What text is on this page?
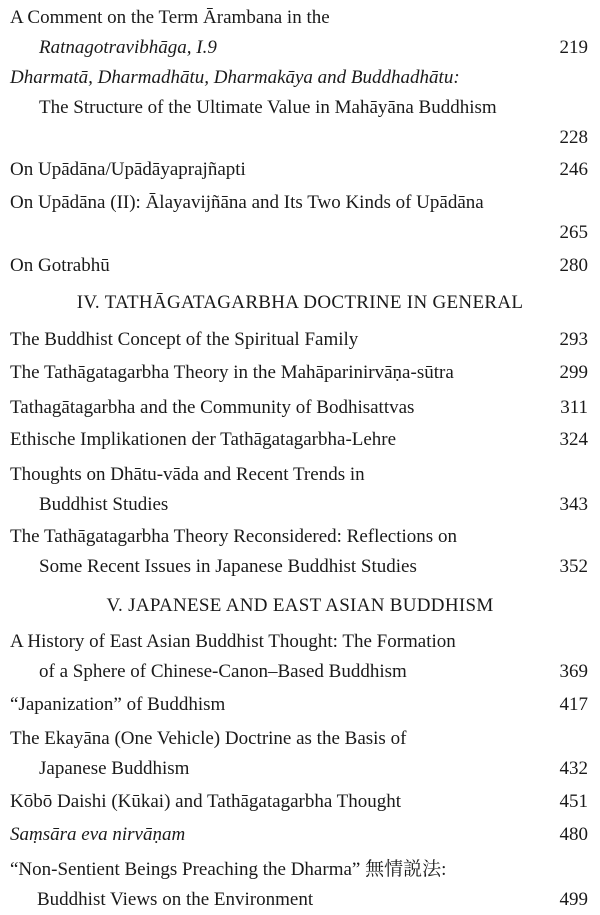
A Comment on the Term Ārambana in the
Ratnagotravibhāga, I.9	219
Dharmatā, Dharmadhātu, Dharmakāya and Buddhadhātu:
The Structure of the Ultimate Value in Mahāyāna Buddhism
228
On Upādāna/Upādāyaprajñapti	246
On Upādāna (II): Ālayavijñāna and Its Two Kinds of Upādāna
265
On Gotrabhū	280
IV. TATHĀGATAGARBHA DOCTRINE IN GENERAL
The Buddhist Concept of the Spiritual Family	293
The Tathāgatagarbha Theory in the Mahāparinirvāṇa-sūtra	299
Tathagātagarbha and the Community of Bodhisattvas	311
Ethische Implikationen der Tathāgatagarbha-Lehre	324
Thoughts on Dhātu-vāda and Recent Trends in
Buddhist Studies	343
The Tathāgatagarbha Theory Reconsidered: Reflections on
Some Recent Issues in Japanese Buddhist Studies	352
V. JAPANESE AND EAST ASIAN BUDDHISM
A History of East Asian Buddhist Thought: The Formation
of a Sphere of Chinese-Canon–Based Buddhism	369
“Japanization” of Buddhism	417
The Ekayāna (One Vehicle) Doctrine as the Basis of
Japanese Buddhism	432
Kōbō Daishi (Kūkai) and Tathāgatagarbha Thought	451
Saṃsāra eva nirvāṇam	480
“Non-Sentient Beings Preaching the Dharma” 無情説法:
Buddhist Views on the Environment	499
